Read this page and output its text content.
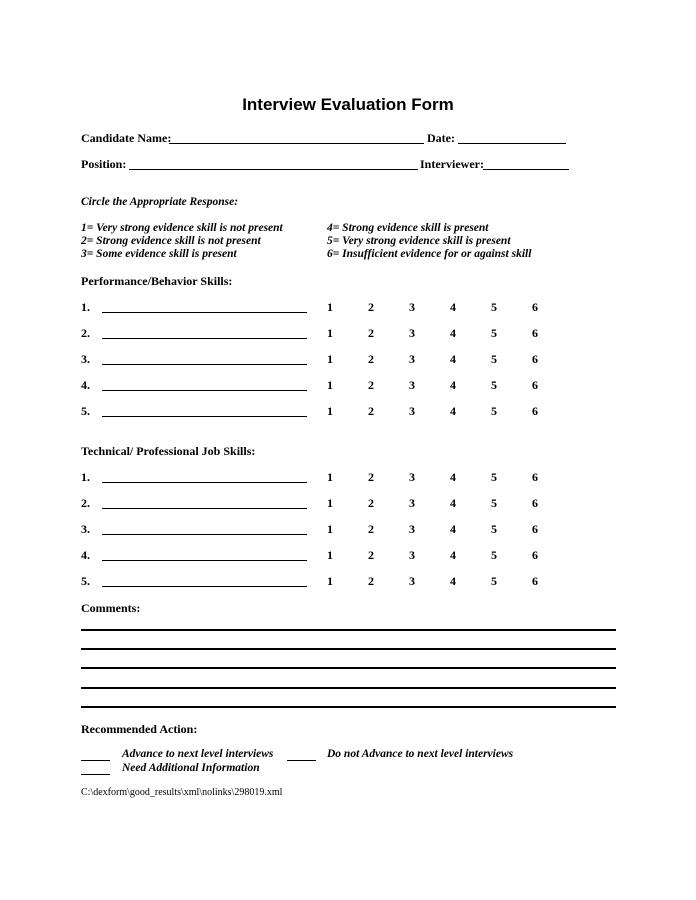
Interview Evaluation Form
Candidate Name:	Date:
Position:	Interviewer:
Circle the Appropriate Response:
1= Very strong evidence skill is not present
2= Strong evidence skill is not present
3= Some evidence skill is present
4= Strong evidence skill is present
5= Very strong evidence skill is present
6= Insufficient evidence for or against skill
Performance/Behavior Skills:
Technical/ Professional Job Skills:
1.	1	2	3	4	5	6
2.	1	2	3	4	5	6
3.	1	2	3	4	5	6
4.	1	2	3	4	5	6
5.	1	2	3	4	5	6
1.	1	2	3	4	5	6
2.	1	2	3	4	5	6
3.	1	2	3	4	5	6
4.	1	2	3	4	5	6
5.	1	2	3	4	5	6
Comments:
Recommended Action:
Advance to next level interviews	Do not Advance to next level interviews
Need Additional Information
C:\dexform\good_results\xml\nolinks\298019.xml
